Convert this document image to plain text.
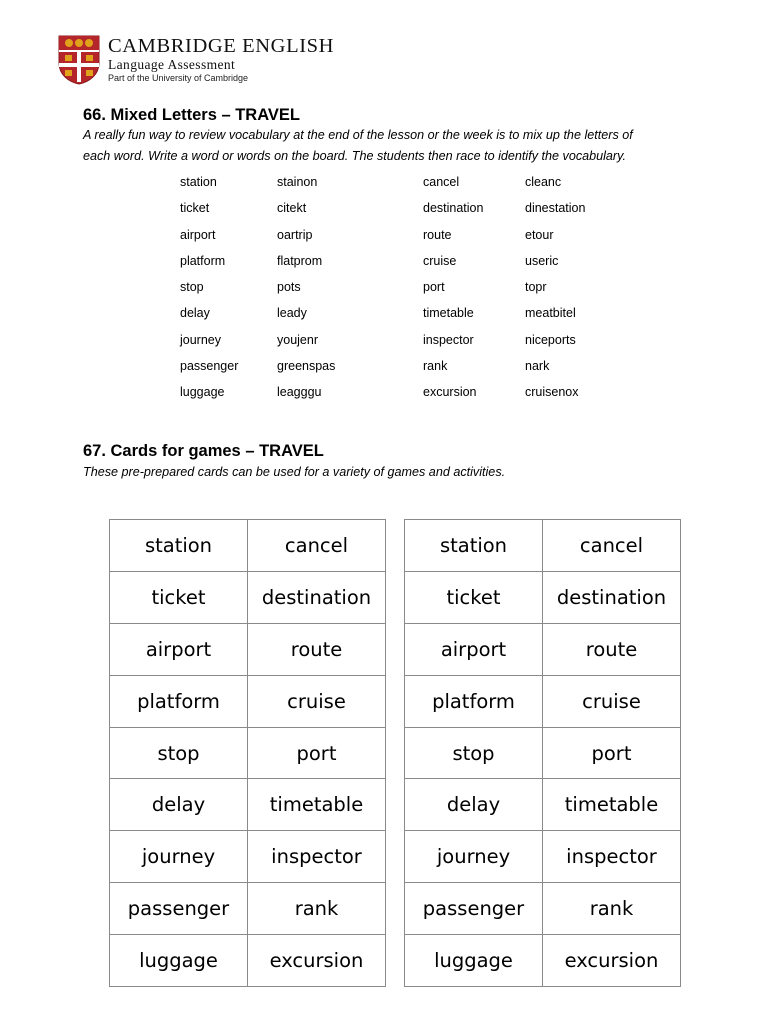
CAMBRIDGE ENGLISH
Language Assessment
Part of the University of Cambridge
66. Mixed Letters – TRAVEL
A really fun way to review vocabulary at the end of the lesson or the week is to mix up the letters of
each word. Write a word or words on the board. The students then race to identify the vocabulary.
station	stainon	cancel	cleanc
ticket	citekt	destination	dinestation
airport	oartrip	route	etour
platform	flatprom	cruise	useric
stop	pots	port	topr
delay	leady	timetable	meatbitel
journey	youjenr	inspector	niceports
passenger	greenspas	rank	nark
luggage	leagggu	excursion	cruisenox
67. Cards for games – TRAVEL
These pre-prepared cards can be used for a variety of games and activities.
station	cancel
ticket	destination
airport	route
platform	cruise
stop	port
delay	timetable
journey	inspector
passenger	rank
luggage	excursion
station	cancel
ticket	destination
airport	route
platform	cruise
stop	port
delay	timetable
journey	inspector
passenger	rank
luggage	excursion
